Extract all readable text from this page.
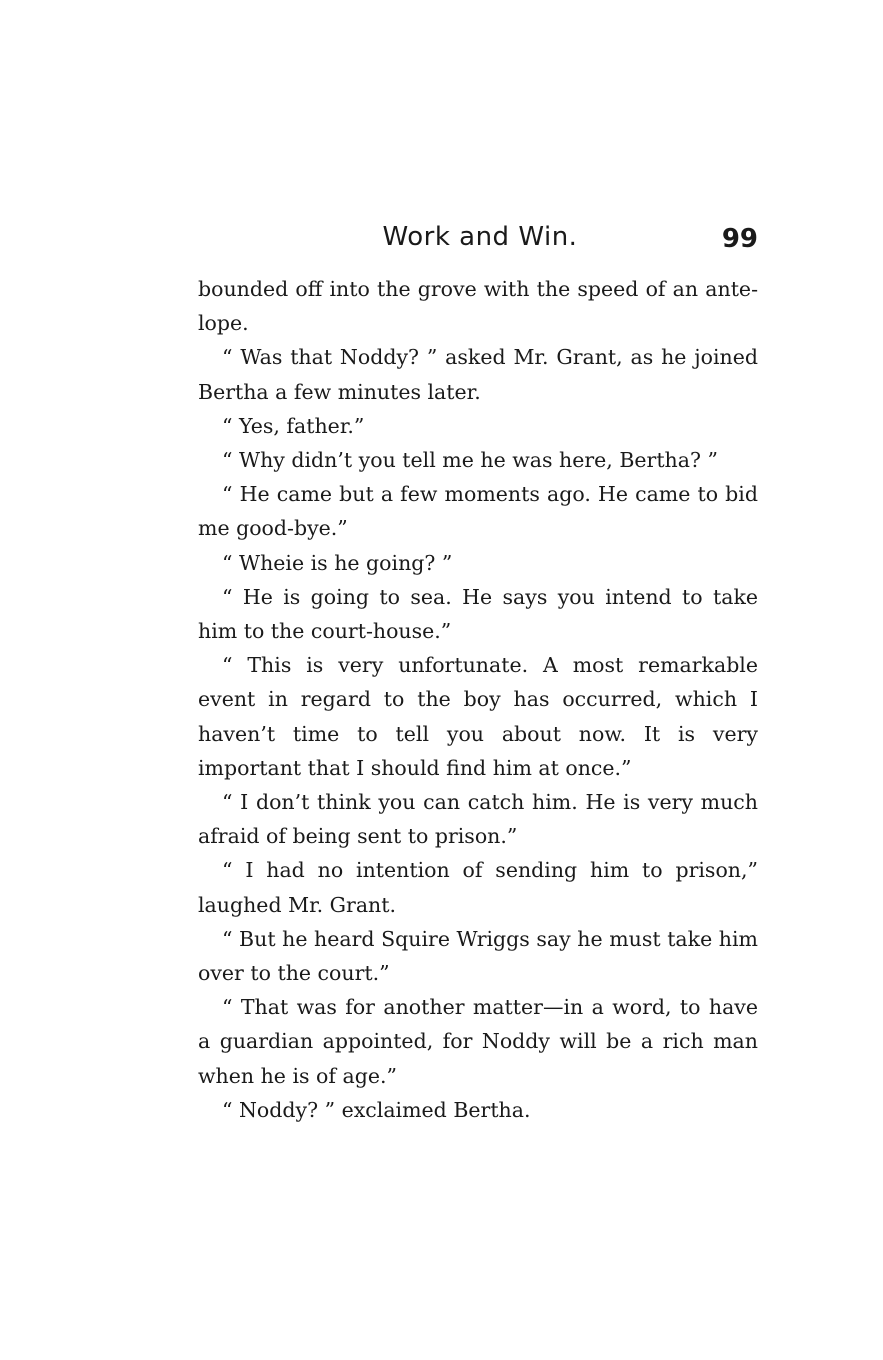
Work and Win.	99

bounded off into the grove with the speed of an ante-lope.

“ Was that Noddy? ” asked Mr. Grant, as he joined Bertha a few minutes later.

“ Yes, father.”

“ Why didn’t you tell me he was here, Bertha? ”

“ He came but a few moments ago. He came to bid me good-bye.”

“ Wheie is he going? ”

“ He is going to sea. He says you intend to take him to the court-house.”

“ This is very unfortunate. A most remarkable event in regard to the boy has occurred, which I haven’t time to tell you about now. It is very important that I should find him at once.”

“ I don’t think you can catch him. He is very much afraid of being sent to prison.”

“ I had no intention of sending him to prison,” laughed Mr. Grant.

“ But he heard Squire Wriggs say he must take him over to the court.”

“ That was for another matter—in a word, to have a guardian appointed, for Noddy will be a rich man when he is of age.”

“ Noddy? ” exclaimed Bertha.
